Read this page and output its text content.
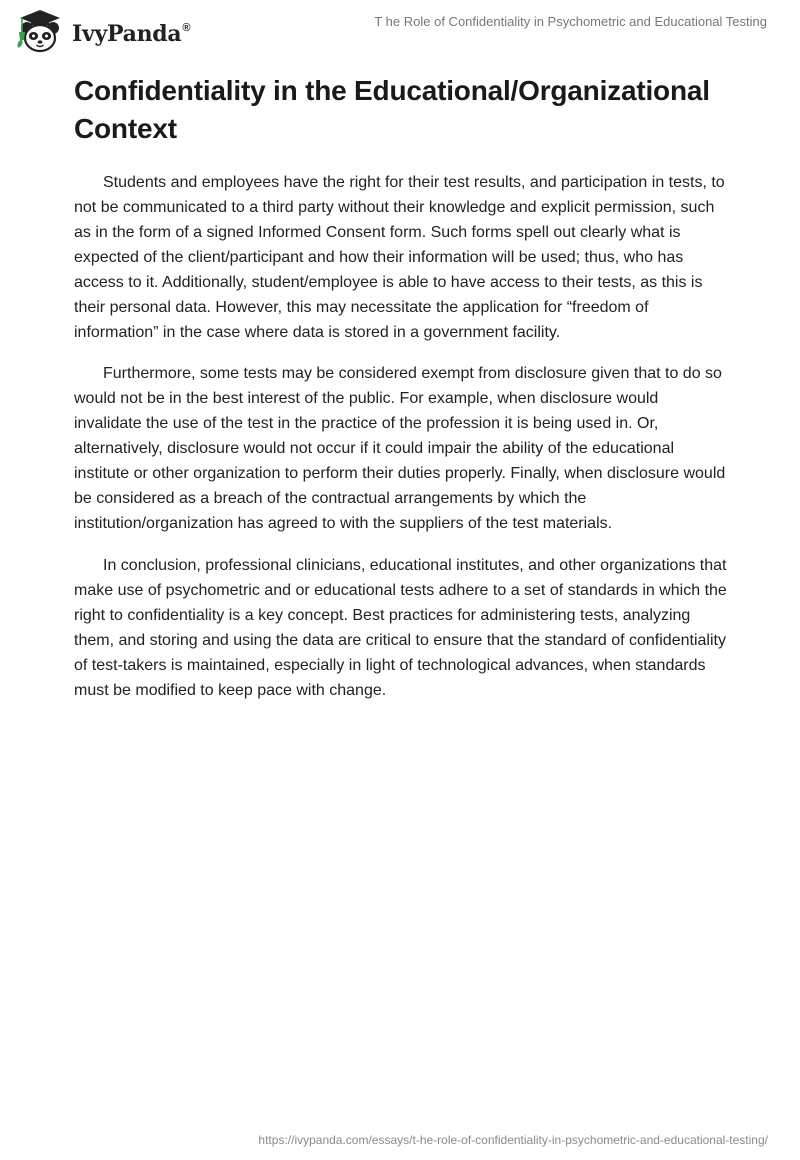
IvyPanda®	T he Role of Confidentiality in Psychometric and Educational Testing
Confidentiality in the Educational/Organizational Context

Students and employees have the right for their test results, and participation in tests, to not be communicated to a third party without their knowledge and explicit permission, such as in the form of a signed Informed Consent form. Such forms spell out clearly what is expected of the client/participant and how their information will be used; thus, who has access to it. Additionally, student/employee is able to have access to their tests, as this is their personal data. However, this may necessitate the application for “freedom of information” in the case where data is stored in a government facility.

Furthermore, some tests may be considered exempt from disclosure given that to do so would not be in the best interest of the public. For example, when disclosure would invalidate the use of the test in the practice of the profession it is being used in. Or, alternatively, disclosure would not occur if it could impair the ability of the educational institute or other organization to perform their duties properly. Finally, when disclosure would be considered as a breach of the contractual arrangements by which the institution/organization has agreed to with the suppliers of the test materials.

In conclusion, professional clinicians, educational institutes, and other organizations that make use of psychometric and or educational tests adhere to a set of standards in which the right to confidentiality is a key concept. Best practices for administering tests, analyzing them, and storing and using the data are critical to ensure that the standard of confidentiality of test-takers is maintained, especially in light of technological advances, when standards must be modified to keep pace with change.

https://ivypanda.com/essays/t-he-role-of-confidentiality-in-psychometric-and-educational-testing/
